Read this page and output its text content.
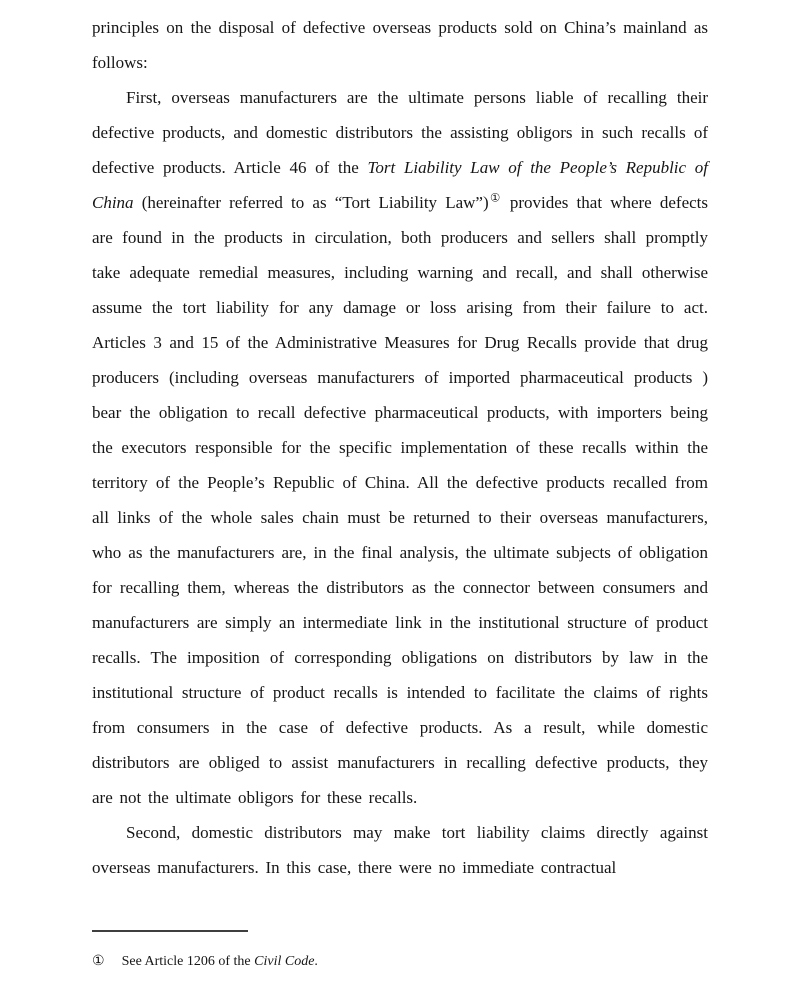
principles on the disposal of defective overseas products sold on China’s mainland as follows:

First, overseas manufacturers are the ultimate persons liable of recalling their defective products, and domestic distributors the assisting obligors in such recalls of defective products. Article 46 of the Tort Liability Law of the People’s Republic of China (hereinafter referred to as “Tort Liability Law”)① provides that where defects are found in the products in circulation, both producers and sellers shall promptly take adequate remedial measures, including warning and recall, and shall otherwise assume the tort liability for any damage or loss arising from their failure to act. Articles 3 and 15 of the Administrative Measures for Drug Recalls provide that drug producers (including overseas manufacturers of imported pharmaceutical products ) bear the obligation to recall defective pharmaceutical products, with importers being the executors responsible for the specific implementation of these recalls within the territory of the People’s Republic of China. All the defective products recalled from all links of the whole sales chain must be returned to their overseas manufacturers, who as the manufacturers are, in the final analysis, the ultimate subjects of obligation for recalling them, whereas the distributors as the connector between consumers and manufacturers are simply an intermediate link in the institutional structure of product recalls. The imposition of corresponding obligations on distributors by law in the institutional structure of product recalls is intended to facilitate the claims of rights from consumers in the case of defective products. As a result, while domestic distributors are obliged to assist manufacturers in recalling defective products, they are not the ultimate obligors for these recalls.

Second, domestic distributors may make tort liability claims directly against overseas manufacturers. In this case, there were no immediate contractual

① See Article 1206 of the Civil Code.
